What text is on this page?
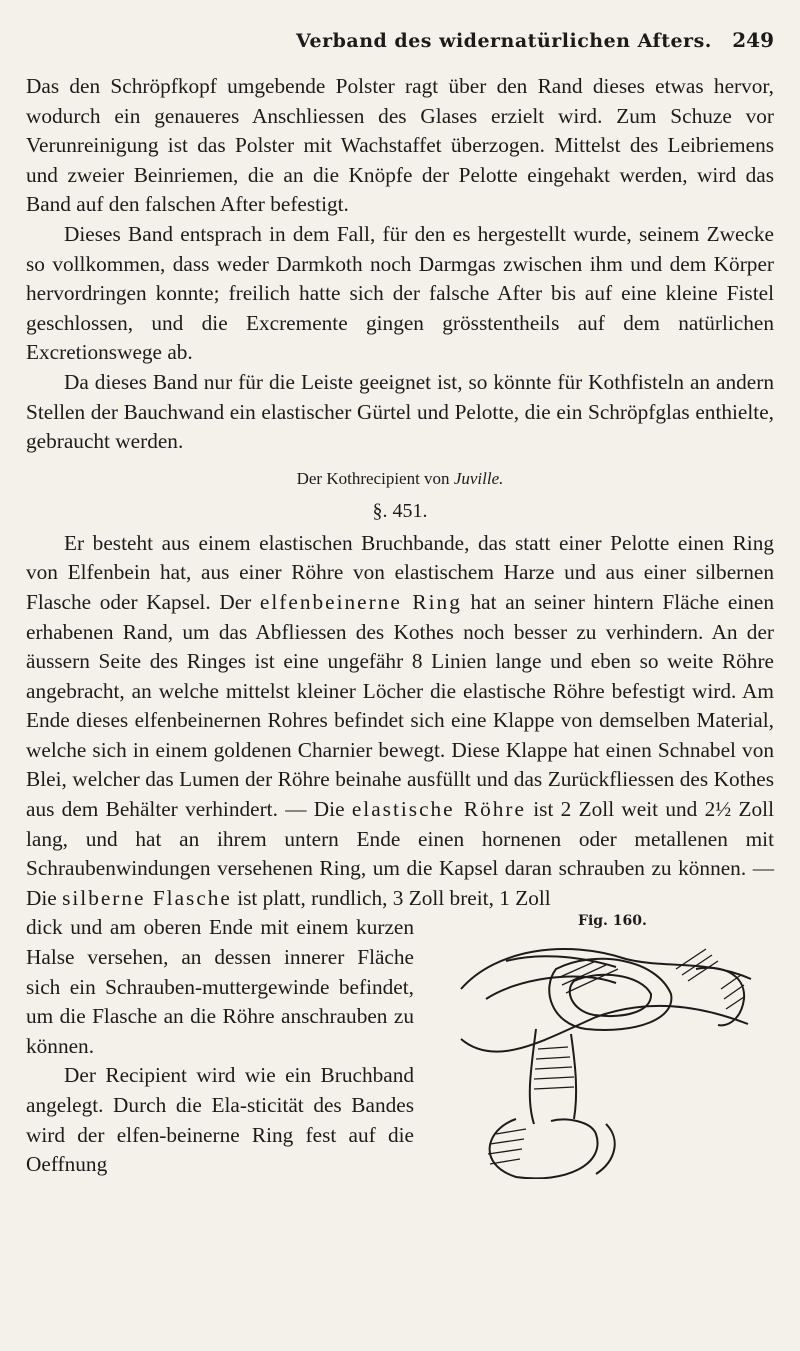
Verband des widernatürlichen Afters. 249

Das den Schröpfkopf umgebende Polster ragt über den Rand dieses etwas hervor, wodurch ein genaueres Anschliessen des Glases erzielt wird. Zum Schuze vor Verunreinigung ist das Polster mit Wachstaffet überzogen. Mittelst des Leibriemens und zweier Beinriemen, die an die Knöpfe der Pelotte eingehakt werden, wird das Band auf den falschen After befestigt.

Dieses Band entsprach in dem Fall, für den es hergestellt wurde, seinem Zwecke so vollkommen, dass weder Darmkoth noch Darmgas zwischen ihm und dem Körper hervordringen konnte; freilich hatte sich der falsche After bis auf eine kleine Fistel geschlossen, und die Excremente gingen grösstentheils auf dem natürlichen Excretionswege ab.

Da dieses Band nur für die Leiste geeignet ist, so könnte für Kothfisteln an andern Stellen der Bauchwand ein elastischer Gürtel und Pelotte, die ein Schröpfglas enthielte, gebraucht werden.

Der Kothrecipient von Juville.
§. 451.

Er besteht aus einem elastischen Bruchbande, das statt einer Pelotte einen Ring von Elfenbein hat, aus einer Röhre von elastischem Harze und aus einer silbernen Flasche oder Kapsel. Der elfenbeinerne Ring hat an seiner hintern Fläche einen erhabenen Rand, um das Abfliessen des Kothes noch besser zu verhindern. An der äussern Seite des Ringes ist eine ungefähr 8 Linien lange und eben so weite Röhre angebracht, an welche mittelst kleiner Löcher die elastische Röhre befestigt wird. Am Ende dieses elfenbeinernen Rohres befindet sich eine Klappe von demselben Material, welche sich in einem goldenen Charnier bewegt. Diese Klappe hat einen Schnabel von Blei, welcher das Lumen der Röhre beinahe ausfüllt und das Zurückfliessen des Kothes aus dem Behälter verhindert. — Die elastische Röhre ist 2 Zoll weit und 2½ Zoll lang, und hat an ihrem untern Ende einen hornenen oder metallenen mit Schraubenwindungen versehenen Ring, um die Kapsel daran schrauben zu können. — Die silberne Flasche ist platt, rundlich, 3 Zoll breit, 1 Zoll

dick und am oberen Ende mit einem kurzen Halse versehen, an dessen innerer Fläche sich ein Schrauben-muttergewinde befindet, um die Flasche an die Röhre anschrauben zu können.

Der Recipient wird wie ein Bruchband angelegt. Durch die Ela-sticität des Bandes wird der elfen-beinerne Ring fest auf die Oeffnung

Fig. 160.
